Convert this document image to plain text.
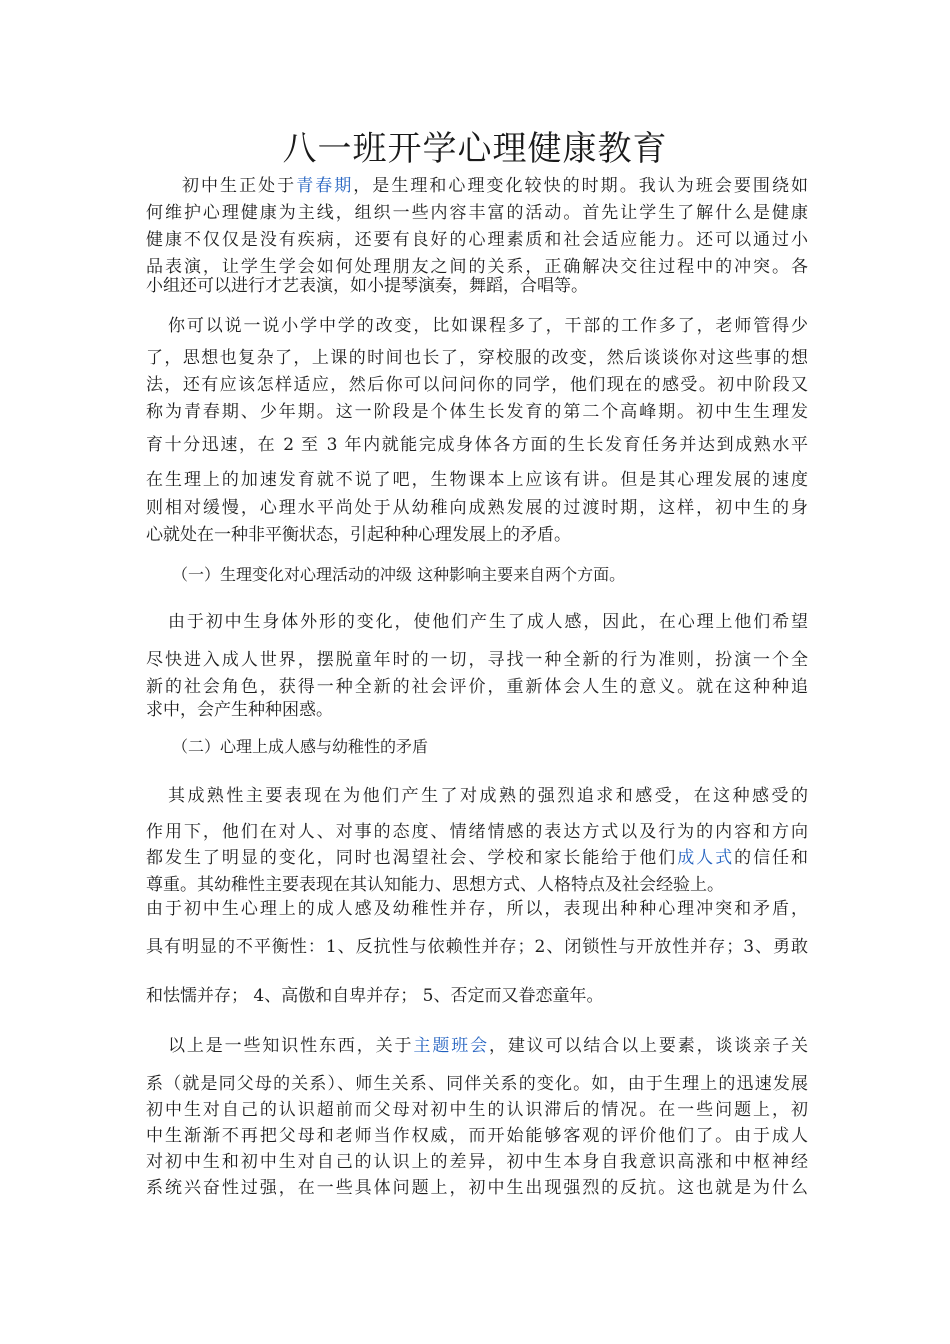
八一班开学心理健康教育
初中生正处于青春期，是生理和心理变化较快的时期。我认为班会要围绕如
何维护心理健康为主线，组织一些内容丰富的活动。首先让学生了解什么是健康
健康不仅仅是没有疾病，还要有良好的心理素质和社会适应能力。还可以通过小
品表演，让学生学会如何处理朋友之间的关系，正确解决交往过程中的冲突。各
小组还可以进行才艺表演，如小提琴演奏，舞蹈，合唱等。
你可以说一说小学中学的改变，比如课程多了，干部的工作多了，老师管得少
了，思想也复杂了，上课的时间也长了，穿校服的改变，然后谈谈你对这些事的想
法，还有应该怎样适应，然后你可以问问你的同学，他们现在的感受。初中阶段又
称为青春期、少年期。这一阶段是个体生长发育的第二个高峰期。初中生生理发
育十分迅速，在 2 至 3 年内就能完成身体各方面的生长发育任务并达到成熟水平
在生理上的加速发育就不说了吧，生物课本上应该有讲。但是其心理发展的速度
则相对缓慢，心理水平尚处于从幼稚向成熟发展的过渡时期，这样，初中生的身
心就处在一种非平衡状态，引起种种心理发展上的矛盾。
（一）生理变化对心理活动的冲级 这种影响主要来自两个方面。
由于初中生身体外形的变化，使他们产生了成人感，因此，在心理上他们希望
尽快进入成人世界，摆脱童年时的一切，寻找一种全新的行为准则，扮演一个全
新的社会角色，获得一种全新的社会评价，重新体会人生的意义。就在这种种追
求中，会产生种种困惑。
（二）心理上成人感与幼稚性的矛盾
其成熟性主要表现在为他们产生了对成熟的强烈追求和感受，在这种感受的
作用下，他们在对人、对事的态度、情绪情感的表达方式以及行为的内容和方向
都发生了明显的变化，同时也渴望社会、学校和家长能给于他们成人式的信任和
尊重。其幼稚性主要表现在其认知能力、思想方式、人格特点及社会经验上。
由于初中生心理上的成人感及幼稚性并存，所以，表现出种种心理冲突和矛盾，
具有明显的不平衡性：1、反抗性与依赖性并存；2、闭锁性与开放性并存；3、勇敢
和怯懦并存； 4、高傲和自卑并存； 5、否定而又眷恋童年。
以上是一些知识性东西，关于主题班会，建议可以结合以上要素，谈谈亲子关
系（就是同父母的关系）、师生关系、同伴关系的变化。如，由于生理上的迅速发展
初中生对自己的认识超前而父母对初中生的认识滞后的情况。在一些问题上，初
中生渐渐不再把父母和老师当作权威，而开始能够客观的评价他们了。由于成人
对初中生和初中生对自己的认识上的差异，初中生本身自我意识高涨和中枢神经
系统兴奋性过强，在一些具体问题上，初中生出现强烈的反抗。这也就是为什么
